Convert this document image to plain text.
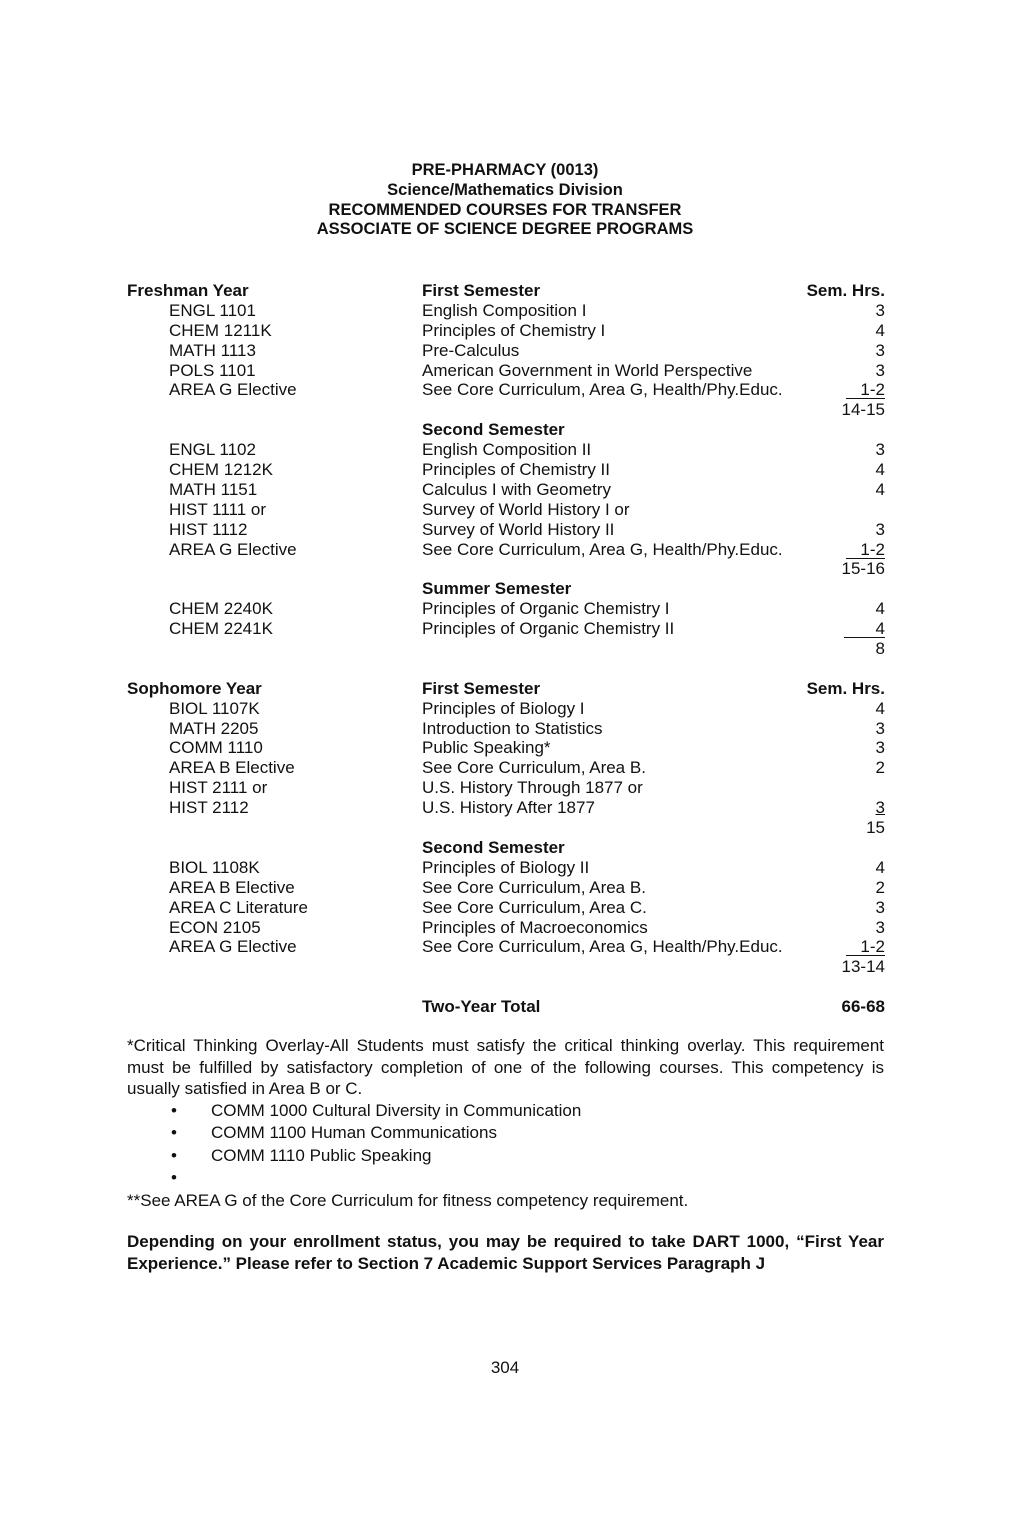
PRE-PHARMACY (0013)
Science/Mathematics Division
RECOMMENDED COURSES FOR TRANSFER
ASSOCIATE OF SCIENCE DEGREE PROGRAMS
Freshman Year	First Semester	Sem. Hrs.
ENGL 1101	English Composition I	3
CHEM 1211K	Principles of Chemistry I	4
MATH 1113	Pre-Calculus	3
POLS 1101	American Government in World Perspective	3
AREA G Elective	See Core Curriculum, Area G, Health/Phy.Educ.	1-2
14-15
Second Semester
ENGL 1102	English Composition II	3
CHEM 1212K	Principles of Chemistry II	4
MATH 1151	Calculus I with Geometry	4
HIST 1111 or	Survey of World History I or
HIST 1112	Survey of World History II	3
AREA G Elective	See Core Curriculum, Area G, Health/Phy.Educ.	1-2
15-16
Summer Semester
CHEM 2240K	Principles of Organic Chemistry I	4
CHEM 2241K	Principles of Organic Chemistry II	4
8
Sophomore Year	First Semester	Sem. Hrs.
BIOL 1107K	Principles of Biology I	4
MATH 2205	Introduction to Statistics	3
COMM 1110	Public Speaking*	3
AREA B Elective	See Core Curriculum, Area B.	2
HIST 2111 or	U.S. History Through 1877 or
HIST 2112	U.S. History After 1877	3
15
Second Semester
BIOL 1108K	Principles of Biology II	4
AREA B Elective	See Core Curriculum, Area B.	2
AREA C Literature	See Core Curriculum, Area C.	3
ECON 2105	Principles of Macroeconomics	3
AREA G Elective	See Core Curriculum, Area G, Health/Phy.Educ.	1-2
13-14
Two-Year Total	66-68

*Critical Thinking Overlay-All Students must satisfy the critical thinking overlay. This requirement must be fulfilled by satisfactory completion of one of the following courses. This competency is usually satisfied in Area B or C.

• COMM 1000 Cultural Diversity in Communication
• COMM 1100 Human Communications
• COMM 1110 Public Speaking
•

**See AREA G of the Core Curriculum for fitness competency requirement.

Depending on your enrollment status, you may be required to take DART 1000, “First Year Experience.” Please refer to Section 7 Academic Support Services Paragraph J
304
